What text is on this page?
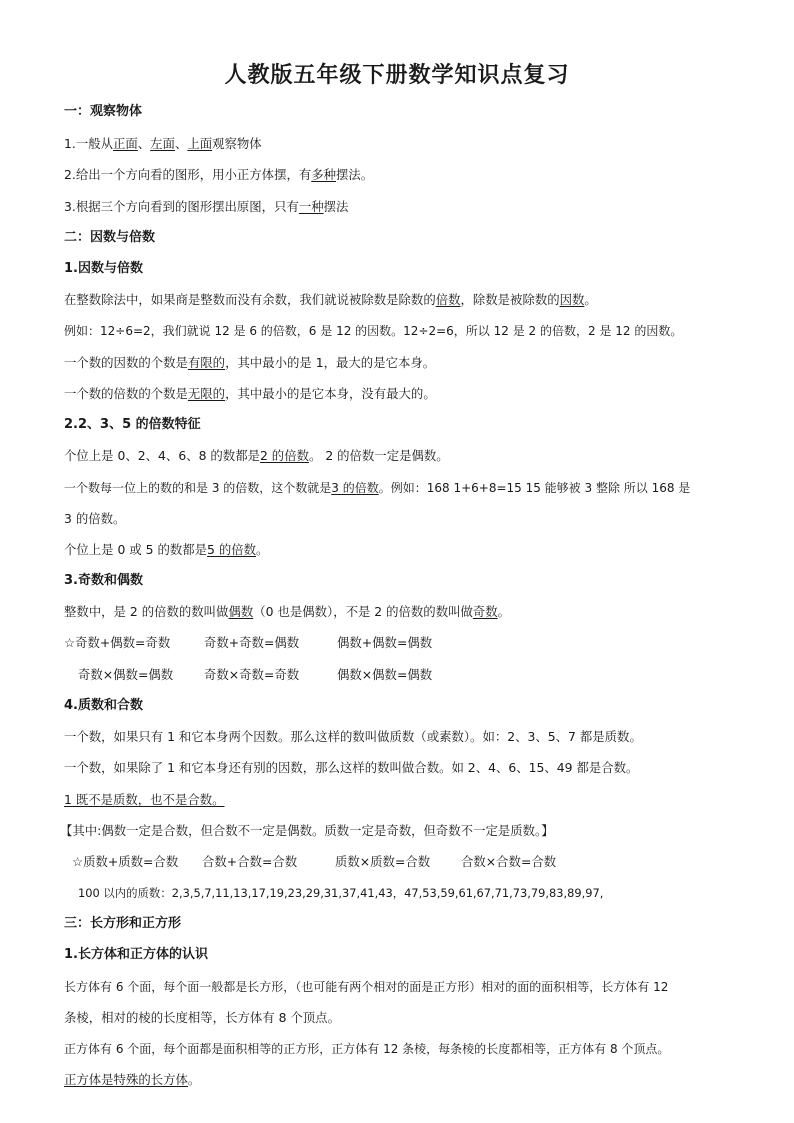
人教版五年级下册数学知识点复习
一：观察物体
1.一般从正面、左面、上面观察物体
2.给出一个方向看的图形，用小正方体摆，有多种摆法。
3.根据三个方向看到的图形摆出原图，只有一种摆法
二：因数与倍数
1.因数与倍数
在整数除法中，如果商是整数而没有余数，我们就说被除数是除数的倍数，除数是被除数的因数。
例如：12÷6=2，我们就说 12 是 6 的倍数，6 是 12 的因数。12÷2=6，所以 12 是 2 的倍数，2 是 12 的因数。
一个数的因数的个数是有限的，其中最小的是 1，最大的是它本身。
一个数的倍数的个数是无限的，其中最小的是它本身，没有最大的。
2.2、3、5 的倍数特征
个位上是 0、2、4、6、8 的数都是2 的倍数。 2 的倍数一定是偶数。
一个数每一位上的数的和是 3 的倍数，这个数就是3 的倍数。例如：168 1+6+8=15 15 能够被 3 整除 所以 168 是
3 的倍数。
个位上是 0 或 5 的数都是5 的倍数。
3.奇数和偶数
整数中，是 2 的倍数的数叫做偶数（0 也是偶数），不是 2 的倍数的数叫做奇数。
☆奇数+偶数=奇数	奇数+奇数=偶数	偶数+偶数=偶数
奇数×偶数=偶数 奇数×奇数=奇数	偶数×偶数=偶数
4.质数和合数
一个数，如果只有 1 和它本身两个因数。那么这样的数叫做质数（或素数）。如：2、3、5、7 都是质数。
一个数，如果除了 1 和它本身还有别的因数，那么这样的数叫做合数。如 2、4、6、15、49 都是合数。
1 既不是质数，也不是合数。
【其中:偶数一定是合数，但合数不一定是偶数。质数一定是奇数，但奇数不一定是质数。】
☆质数+质数=合数 合数+合数=合数	质数×质数=合数 合数×合数=合数
100 以内的质数：2,3,5,7,11,13,17,19,23,29,31,37,41,43，47,53,59,61,67,71,73,79,83,89,97,
三：长方形和正方形
1.长方体和正方体的认识
长方体有 6 个面，每个面一般都是长方形，（也可能有两个相对的面是正方形）相对的面的面积相等，长方体有 12
条棱，相对的棱的长度相等，长方体有 8 个顶点。
正方体有 6 个面，每个面都是面积相等的正方形，正方体有 12 条棱，每条棱的长度都相等，正方体有 8 个顶点。
正方体是特殊的长方体。
